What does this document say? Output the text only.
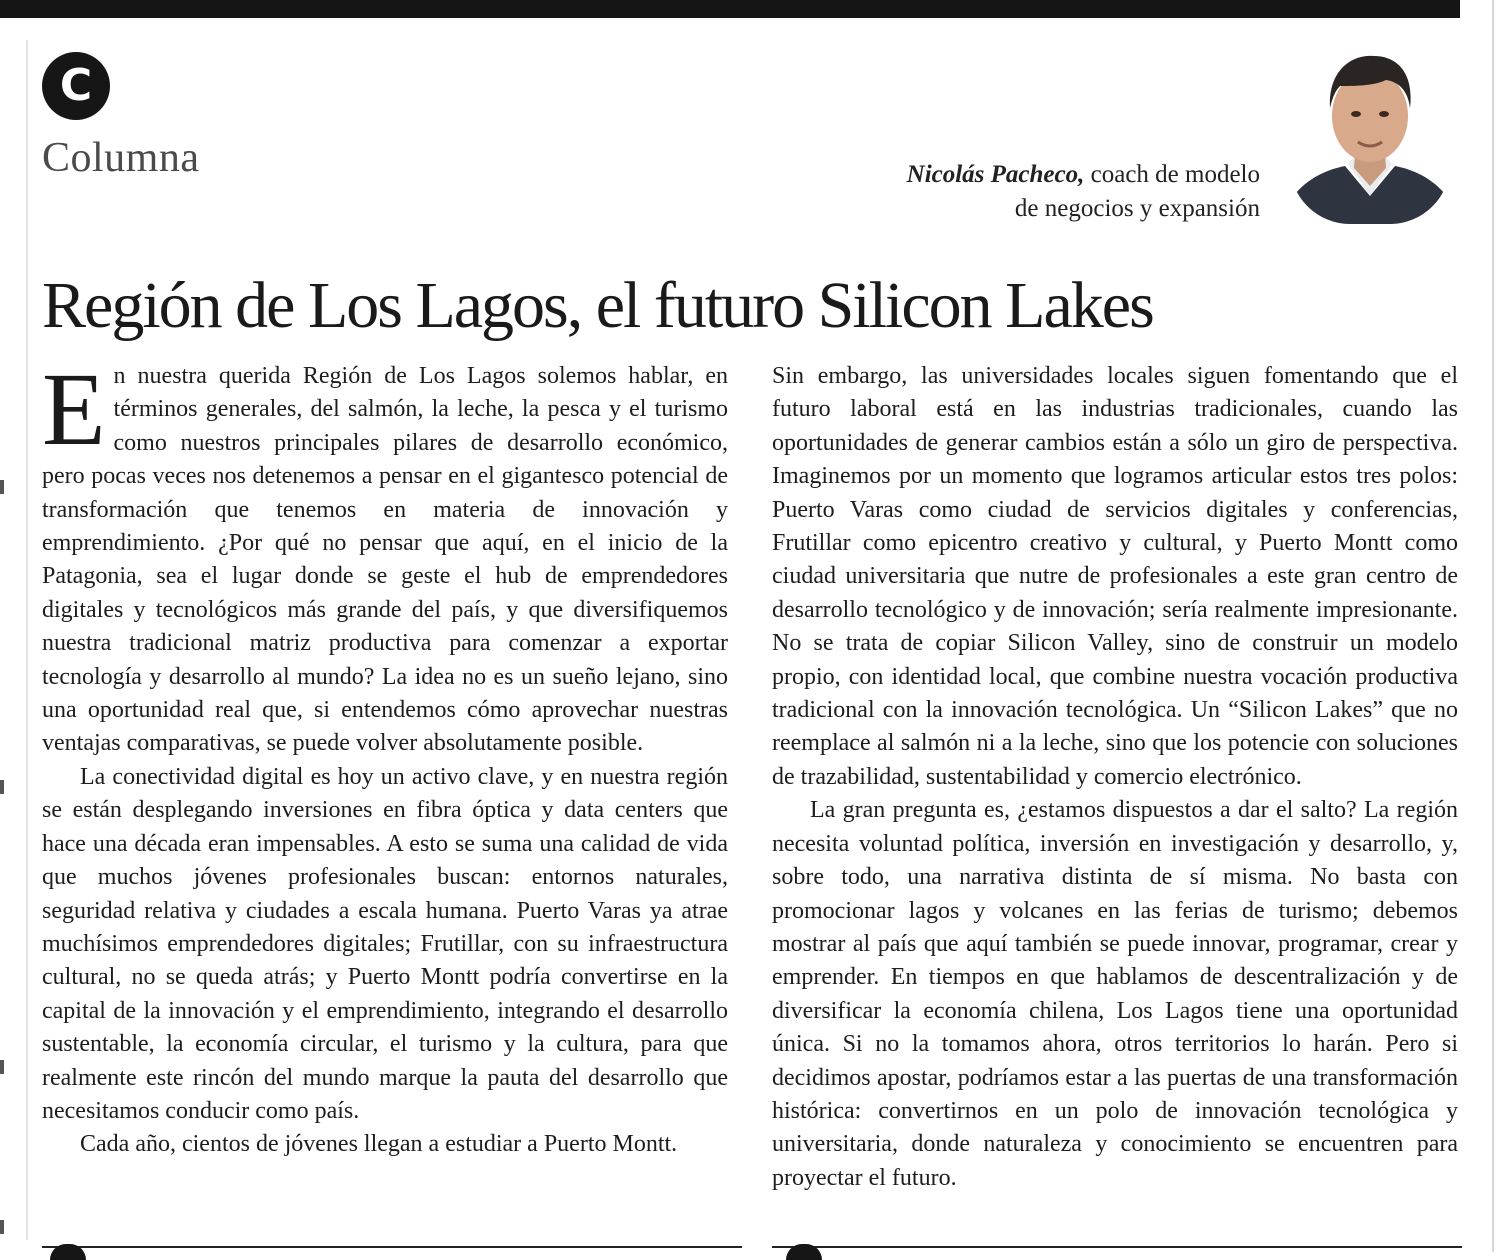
C
Columna	Nicolás Pacheco, coach de modelo
de negocios y expansión
Región de Los Lagos, el futuro Silicon Lakes

En nuestra querida Región de Los Lagos solemos hablar, en términos generales, del salmón, la leche, la pesca y el turismo como nuestros principales pilares de desarrollo económico, pero pocas veces nos detenemos a pensar en el gigantesco potencial de transformación que tenemos en materia de innovación y emprendimiento. ¿Por qué no pensar que aquí, en el inicio de la Patagonia, sea el lugar donde se geste el hub de emprendedores digitales y tecnológicos más grande del país, y que diversifiquemos nuestra tradicional matriz productiva para comenzar a exportar tecnología y desarrollo al mundo? La idea no es un sueño lejano, sino una oportunidad real que, si entendemos cómo aprovechar nuestras ventajas comparativas, se puede volver absolutamente posible.

La conectividad digital es hoy un activo clave, y en nuestra región se están desplegando inversiones en fibra óptica y data centers que hace una década eran impensables. A esto se suma una calidad de vida que muchos jóvenes profesionales buscan: entornos naturales, seguridad relativa y ciudades a escala humana. Puerto Varas ya atrae muchísimos emprendedores digitales; Frutillar, con su infraestructura cultural, no se queda atrás; y Puerto Montt podría convertirse en la capital de la innovación y el emprendimiento, integrando el desarrollo sustentable, la economía circular, el turismo y la cultura, para que realmente este rincón del mundo marque la pauta del desarrollo que necesitamos conducir como país.

Cada año, cientos de jóvenes llegan a estudiar a Puerto Montt.

Sin embargo, las universidades locales siguen fomentando que el futuro laboral está en las industrias tradicionales, cuando las oportunidades de generar cambios están a sólo un giro de perspectiva. Imaginemos por un momento que logramos articular estos tres polos: Puerto Varas como ciudad de servicios digitales y conferencias, Frutillar como epicentro creativo y cultural, y Puerto Montt como ciudad universitaria que nutre de profesionales a este gran centro de desarrollo tecnológico y de innovación; sería realmente impresionante. No se trata de copiar Silicon Valley, sino de construir un modelo propio, con identidad local, que combine nuestra vocación productiva tradicional con la innovación tecnológica. Un “Silicon Lakes” que no reemplace al salmón ni a la leche, sino que los potencie con soluciones de trazabilidad, sustentabilidad y comercio electrónico.

La gran pregunta es, ¿estamos dispuestos a dar el salto? La región necesita voluntad política, inversión en investigación y desarrollo, y, sobre todo, una narrativa distinta de sí misma. No basta con promocionar lagos y volcanes en las ferias de turismo; debemos mostrar al país que aquí también se puede innovar, programar, crear y emprender. En tiempos en que hablamos de descentralización y de diversificar la economía chilena, Los Lagos tiene una oportunidad única. Si no la tomamos ahora, otros territorios lo harán. Pero si decidimos apostar, podríamos estar a las puertas de una transformación histórica: convertirnos en un polo de innovación tecnológica y universitaria, donde naturaleza y conocimiento se encuentren para proyectar el futuro.
